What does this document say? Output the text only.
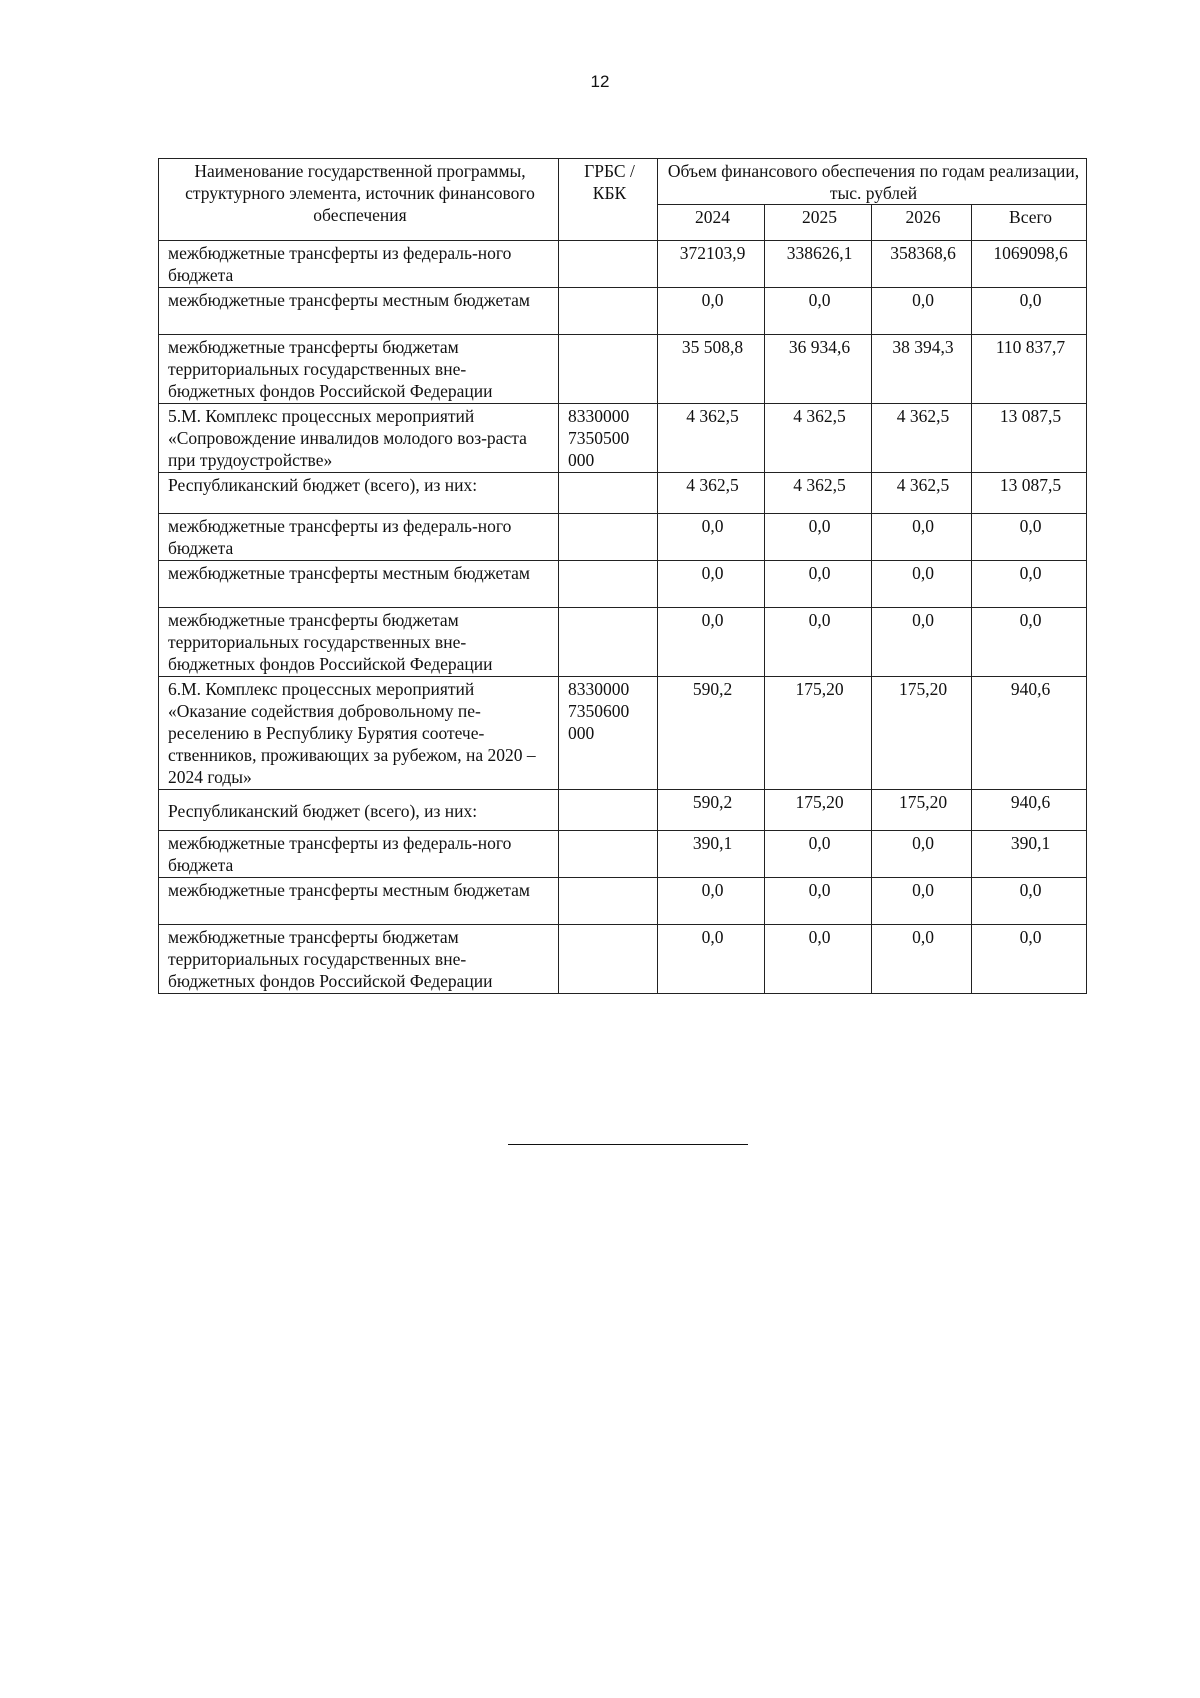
12
Наименование государственной программы, структурного элемента, источник финансового обеспечения	ГРБС /КБК	Объем финансового обеспечения по годам реализации, тыс. рублей			
		2024	2025	2026	Всего
межбюджетные трансферты из федераль-ного бюджета		372103,9	338626,1	358368,6	1069098,6
межбюджетные трансферты местным бюджетам		0,0	0,0	0,0	0,0
межбюджетные трансферты бюджетам территориальных государственных вне-бюджетных фондов Российской Федерации		35 508,8	36 934,6	38 394,3	110 837,7
5.М. Комплекс процессных мероприятий «Сопровождение инвалидов молодого воз-раста при трудоустройстве»	8330000 7350500 000	4 362,5	4 362,5	4 362,5	13 087,5
Республиканский бюджет (всего), из них:		4 362,5	4 362,5	4 362,5	13 087,5
межбюджетные трансферты из федераль-ного бюджета		0,0	0,0	0,0	0,0
межбюджетные трансферты местным бюджетам		0,0	0,0	0,0	0,0
межбюджетные трансферты бюджетам территориальных государственных вне-бюджетных фондов Российской Федерации		0,0	0,0	0,0	0,0
6.М. Комплекс процессных мероприятий «Оказание содействия добровольному пе-реселению в Республику Бурятия соотече-ственников, проживающих за рубежом, на 2020 – 2024 годы»	8330000 7350600 000	590,2	175,20	175,20	940,6
Республиканский бюджет (всего), из них:		590,2	175,20	175,20	940,6
межбюджетные трансферты из федераль-ного бюджета		390,1	0,0	0,0	390,1
межбюджетные трансферты местным бюджетам		0,0	0,0	0,0	0,0
межбюджетные трансферты бюджетам территориальных государственных вне-бюджетных фондов Российской Федерации		0,0	0,0	0,0	0,0
